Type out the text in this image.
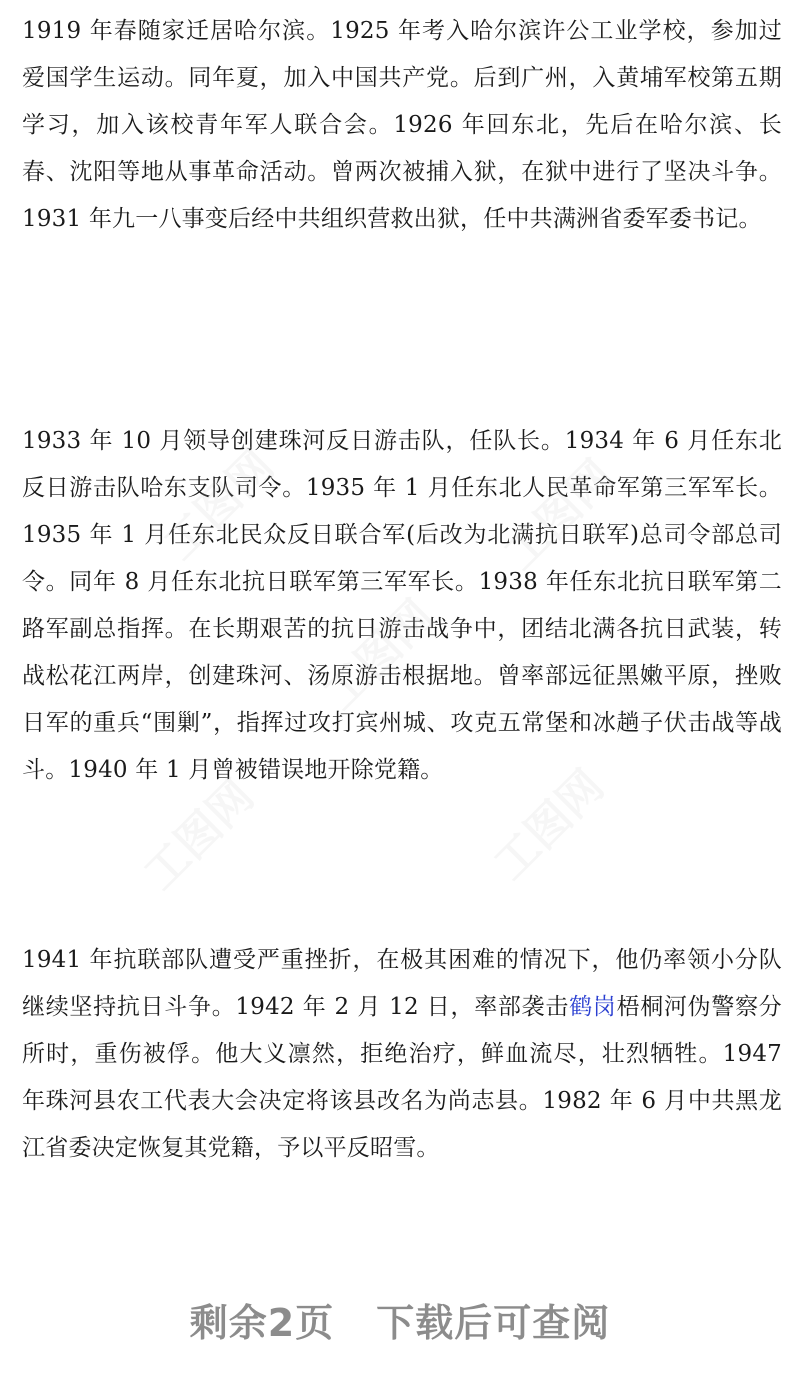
1919 年春随家迁居哈尔滨。1925 年考入哈尔滨许公工业学校，参加过爱国学生运动。同年夏，加入中国共产党。后到广州，入黄埔军校第五期学习，加入该校青年军人联合会。1926 年回东北，先后在哈尔滨、长春、沈阳等地从事革命活动。曾两次被捕入狱，在狱中进行了坚决斗争。1931 年九一八事变后经中共组织营救出狱，任中共满洲省委军委书记。

1933 年 10 月领导创建珠河反日游击队，任队长。1934 年 6 月任东北反日游击队哈东支队司令。1935 年 1 月任东北人民革命军第三军军长。1935 年 1 月任东北民众反日联合军(后改为北满抗日联军)总司令部总司令。同年 8 月任东北抗日联军第三军军长。1938 年任东北抗日联军第二路军副总指挥。在长期艰苦的抗日游击战争中，团结北满各抗日武装，转战松花江两岸，创建珠河、汤原游击根据地。曾率部远征黑嫩平原，挫败日军的重兵“围剿”，指挥过攻打宾州城、攻克五常堡和冰趟子伏击战等战斗。1940 年 1 月曾被错误地开除党籍。

1941 年抗联部队遭受严重挫折，在极其困难的情况下，他仍率领小分队继续坚持抗日斗争。1942 年 2 月 12 日，率部袭击鹤岗梧桐河伪警察分所时，重伤被俘。他大义凛然，拒绝治疗，鲜血流尽，壮烈牺牲。1947 年珠河县农工代表大会决定将该县改名为尚志县。1982 年 6 月中共黑龙江省委决定恢复其党籍，予以平反昭雪。

工图网	工图网
工图网
工图网	工图网
剩余2页 下载后可查阅
